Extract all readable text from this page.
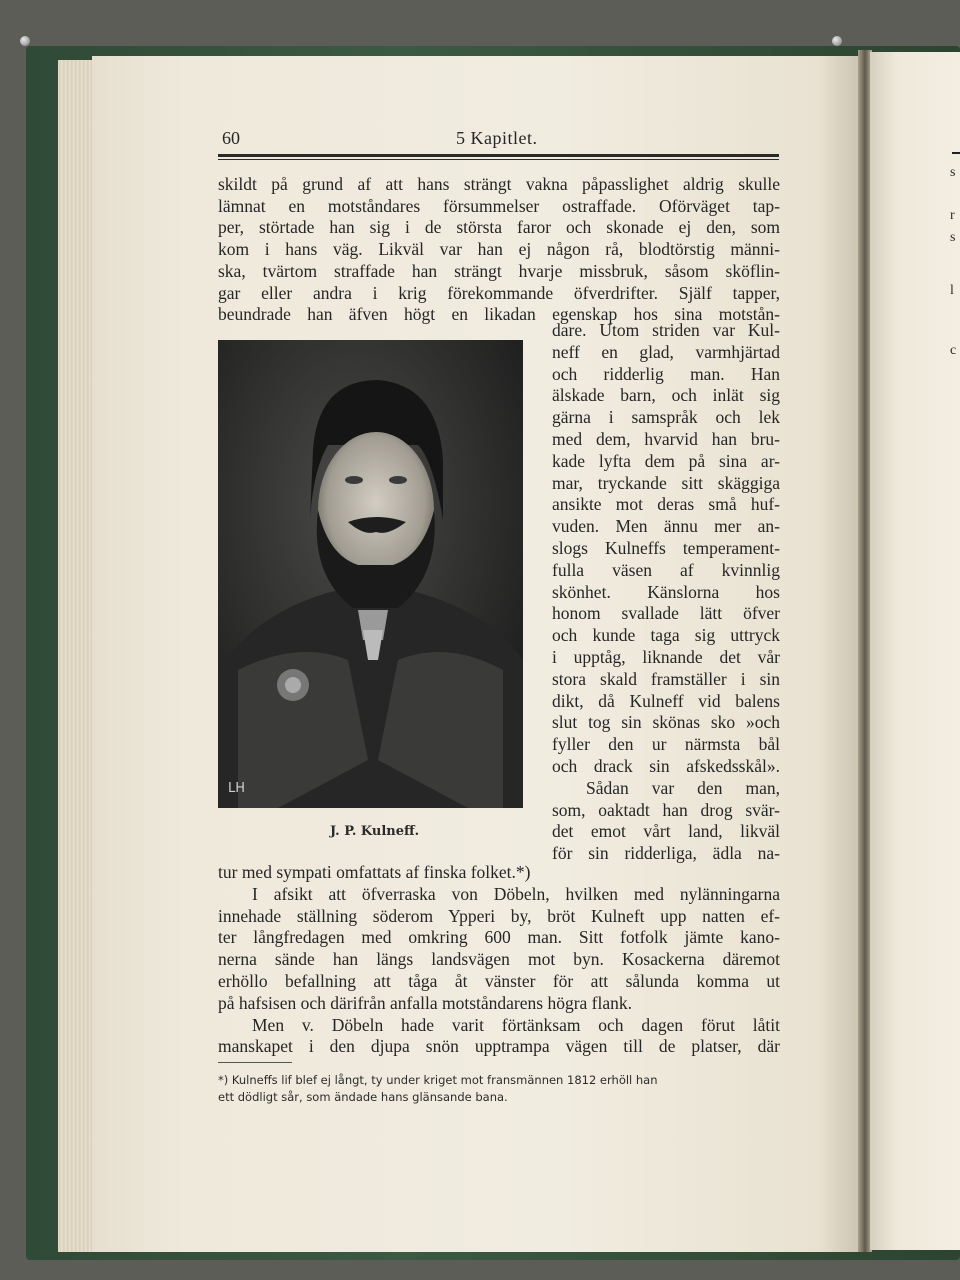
s
r
s
l
c
60	5 Kapitlet.
skildt på grund af att hans strängt vakna påpasslighet aldrig skulle
lämnat en motståndares försummelser ostraffade. Oförväget tap-
per, störtade han sig i de största faror och skonade ej den, som
kom i hans väg. Likväl var han ej någon rå, blodtörstig männi-
ska, tvärtom straffade han strängt hvarje missbruk, såsom sköflin-
gar eller andra i krig förekommande öfverdrifter. Själf tapper,
beundrade han äfven högt en likadan egenskap hos sina motstån-
dare. Utom striden var Kul-
neff en glad, varmhjärtad
och ridderlig man. Han
älskade barn, och inlät sig
gärna i samspråk och lek
med dem, hvarvid han bru-
kade lyfta dem på sina ar-
mar, tryckande sitt skäggiga
ansikte mot deras små huf-
vuden. Men ännu mer an-
slogs Kulneffs temperament-
fulla väsen af kvinnlig
skönhet. Känslorna hos
honom svallade lätt öfver
och kunde taga sig uttryck
i upptåg, liknande det vår
stora skald framställer i sin
dikt, då Kulneff vid balens
slut tog sin skönas sko »och
fyller den ur närmsta bål
och drack sin afskedsskål».
Sådan var den man,
som, oaktadt han drog svär-
det emot vårt land, likväl
för sin ridderliga, ädla na-
LH
J. P. Kulneff.
tur med sympati omfattats af finska folket.*)
I afsikt att öfverraska von Döbeln, hvilken med nylänningarna
innehade ställning söderom Ypperi by, bröt Kulneft upp natten ef-
ter långfredagen med omkring 600 man. Sitt fotfolk jämte kano-
nerna sände han längs landsvägen mot byn. Kosackerna däremot
erhöllo befallning att tåga åt vänster för att sålunda komma ut
på hafsisen och därifrån anfalla motståndarens högra flank.
Men v. Döbeln hade varit förtänksam och dagen förut låtit
manskapet i den djupa snön upptrampa vägen till de platser, där
*) Kulneffs lif blef ej långt, ty under kriget mot fransmännen 1812 erhöll han
ett dödligt sår, som ändade hans glänsande bana.
